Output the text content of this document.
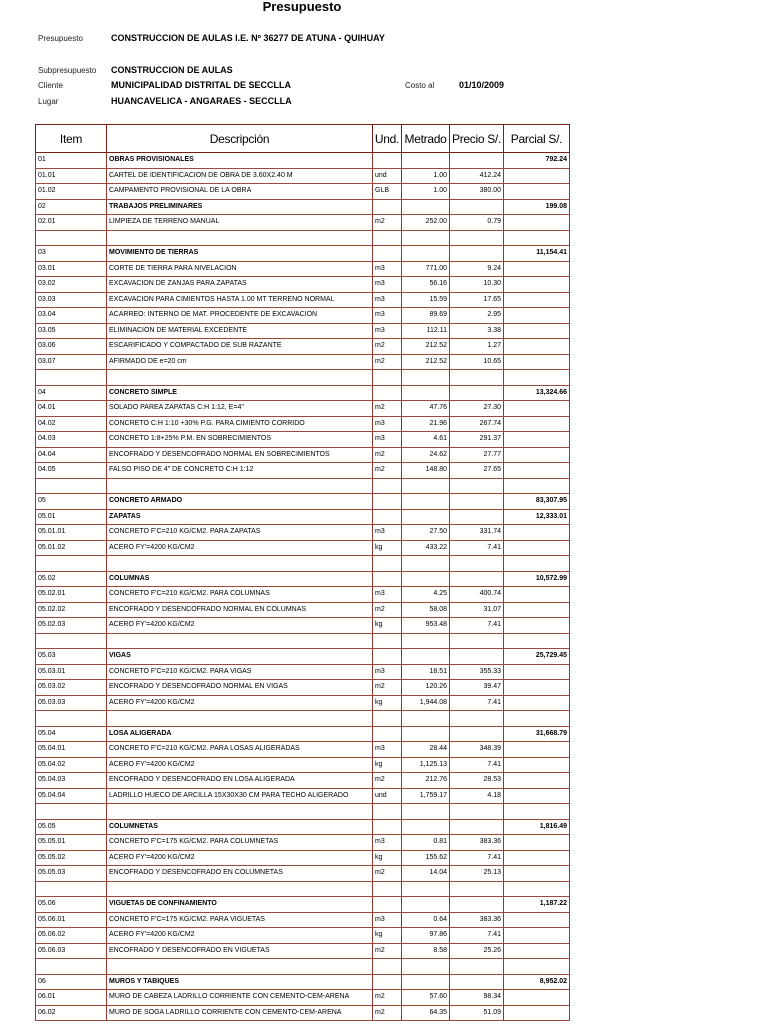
Presupuesto
Presupuesto	CONSTRUCCION DE AULAS I.E. Nº 36277 DE ATUNA - QUIHUAY
Subpresupuesto CONSTRUCCION DE AULAS
Cliente	MUNICIPALIDAD DISTRITAL DE SECCLLA	Costo al	01/10/2009
Lugar	HUANCAVELICA - ANGARAES - SECCLLA
Item	Descripción	Und.	Metrado	Precio S/.	Parcial S/.
01	OBRAS PROVISIONALES				792.24
01.01	CARTEL DE IDENTIFICACION DE OBRA DE 3.60X2.40 M	und	1.00	412.24	
01.02	CAMPAMENTO PROVISIONAL DE LA OBRA	GLB	1.00	380.00	
02	TRABAJOS PRELIMINARES				199.08
02.01	LIMPIEZA DE TERRENO MANUAL	m2	252.00	0.79	

03	MOVIMIENTO DE TIERRAS				11,154.41
03.01	CORTE DE TIERRA PARA NIVELACION	m3	771.00	9.24	
03.02	EXCAVACION DE ZANJAS PARA ZAPATAS	m3	56.16	10.30	
03.03	EXCAVACION PARA CIMIENTOS HASTA 1.00 MT TERRENO NORMAL	m3	15.59	17.65	
03.04	ACARREO: INTERNO DE MAT. PROCEDENTE DE EXCAVACION	m3	89.69	2.95	
03.05	ELIMINACION DE MATERIAL EXCEDENTE	m3	112.11	3.38	
03.06	ESCARIFICADO Y COMPACTADO DE SUB RAZANTE	m2	212.52	1.27	
03.07	AFIRMADO DE e=20 cm	m2	212.52	10.65	

04	CONCRETO SIMPLE				13,324.66
04.01	SOLADO PAREA ZAPATAS C:H 1:12, E=4"	m2	47.76	27.30	
04.02	CONCRETO C:H 1:10 +30% P.G. PARA CIMIENTO CORRIDO	m3	21.96	267.74	
04.03	CONCRETO 1:8+25% P.M. EN SOBRECIMIENTOS	m3	4.61	291.37	
04.04	ENCOFRADO Y DESENCOFRADO NORMAL EN SOBRECIMIENTOS	m2	24.62	27.77	
04.05	FALSO PISO DE 4" DE CONCRETO C:H 1:12	m2	148.80	27.65	

05	CONCRETO ARMADO				83,307.95
05.01	ZAPATAS				12,333.01
05.01.01	CONCRETO F'C=210 KG/CM2. PARA ZAPATAS	m3	27.50	331.74	
05.01.02	ACERO FY'=4200 KG/CM2	kg	433.22	7.41	

05.02	COLUMNAS				10,572.99
05.02.01	CONCRETO F'C=210 KG/CM2. PARA COLUMNAS	m3	4.25	400.74	
05.02.02	ENCOFRADO Y DESENCOFRADO NORMAL EN COLUMNAS	m2	58.08	31.07	
05.02.03	ACERO FY'=4200 KG/CM2	kg	953.48	7.41	

05.03	VIGAS				25,729.45
05.03.01	CONCRETO F'C=210 KG/CM2. PARA VIGAS	m3	18.51	355.33	
05.03.02	ENCOFRADO Y DESENCOFRADO NORMAL EN VIGAS	m2	120.26	39.47	
05.03.03	ACERO FY'=4200 KG/CM2	kg	1,944.08	7.41	

05.04	LOSA ALIGERADA				31,668.79
05.04.01	CONCRETO F'C=210 KG/CM2. PARA LOSAS ALIGERADAS	m3	28.44	348.39	
05.04.02	ACERO FY'=4200 KG/CM2	kg	1,125.13	7.41	
05.04.03	ENCOFRADO Y DESENCOFRADO EN LOSA ALIGERADA	m2	212.76	28.53	
05.04.04	LADRILLO HUECO DE ARCILLA 15X30X30 CM PARA TECHO ALIGERADO	und	1,759.17	4.18	

05.05	COLUMNETAS				1,816.49
05.05.01	CONCRETO F'C=175 KG/CM2. PARA COLUMNETAS	m3	0.81	383.36	
05.05.02	ACERO FY'=4200 KG/CM2	kg	155.62	7.41	
05.05.03	ENCOFRADO Y DESENCOFRADO EN COLUMNETAS	m2	14.04	25.13	

05.06	VIGUETAS DE CONFINAMIENTO				1,187.22
05.06.01	CONCRETO F'C=175 KG/CM2. PARA VIGUETAS	m3	0.64	383.36	
05.06.02	ACERO FY'=4200 KG/CM2	kg	97.86	7.41	
05.06.03	ENCOFRADO Y DESENCOFRADO EN VIGUETAS	m2	8.58	25.26	

06	MUROS Y TABIQUES				8,952.02
06.01	MURO DE CABEZA LADRILLO CORRIENTE CON CEMENTO-CEM-ARENA	m2	57.60	98.34	
06.02	MURO DE SOGA LADRILLO CORRIENTE CON CEMENTO-CEM-ARENA	m2	64.35	51.09	
